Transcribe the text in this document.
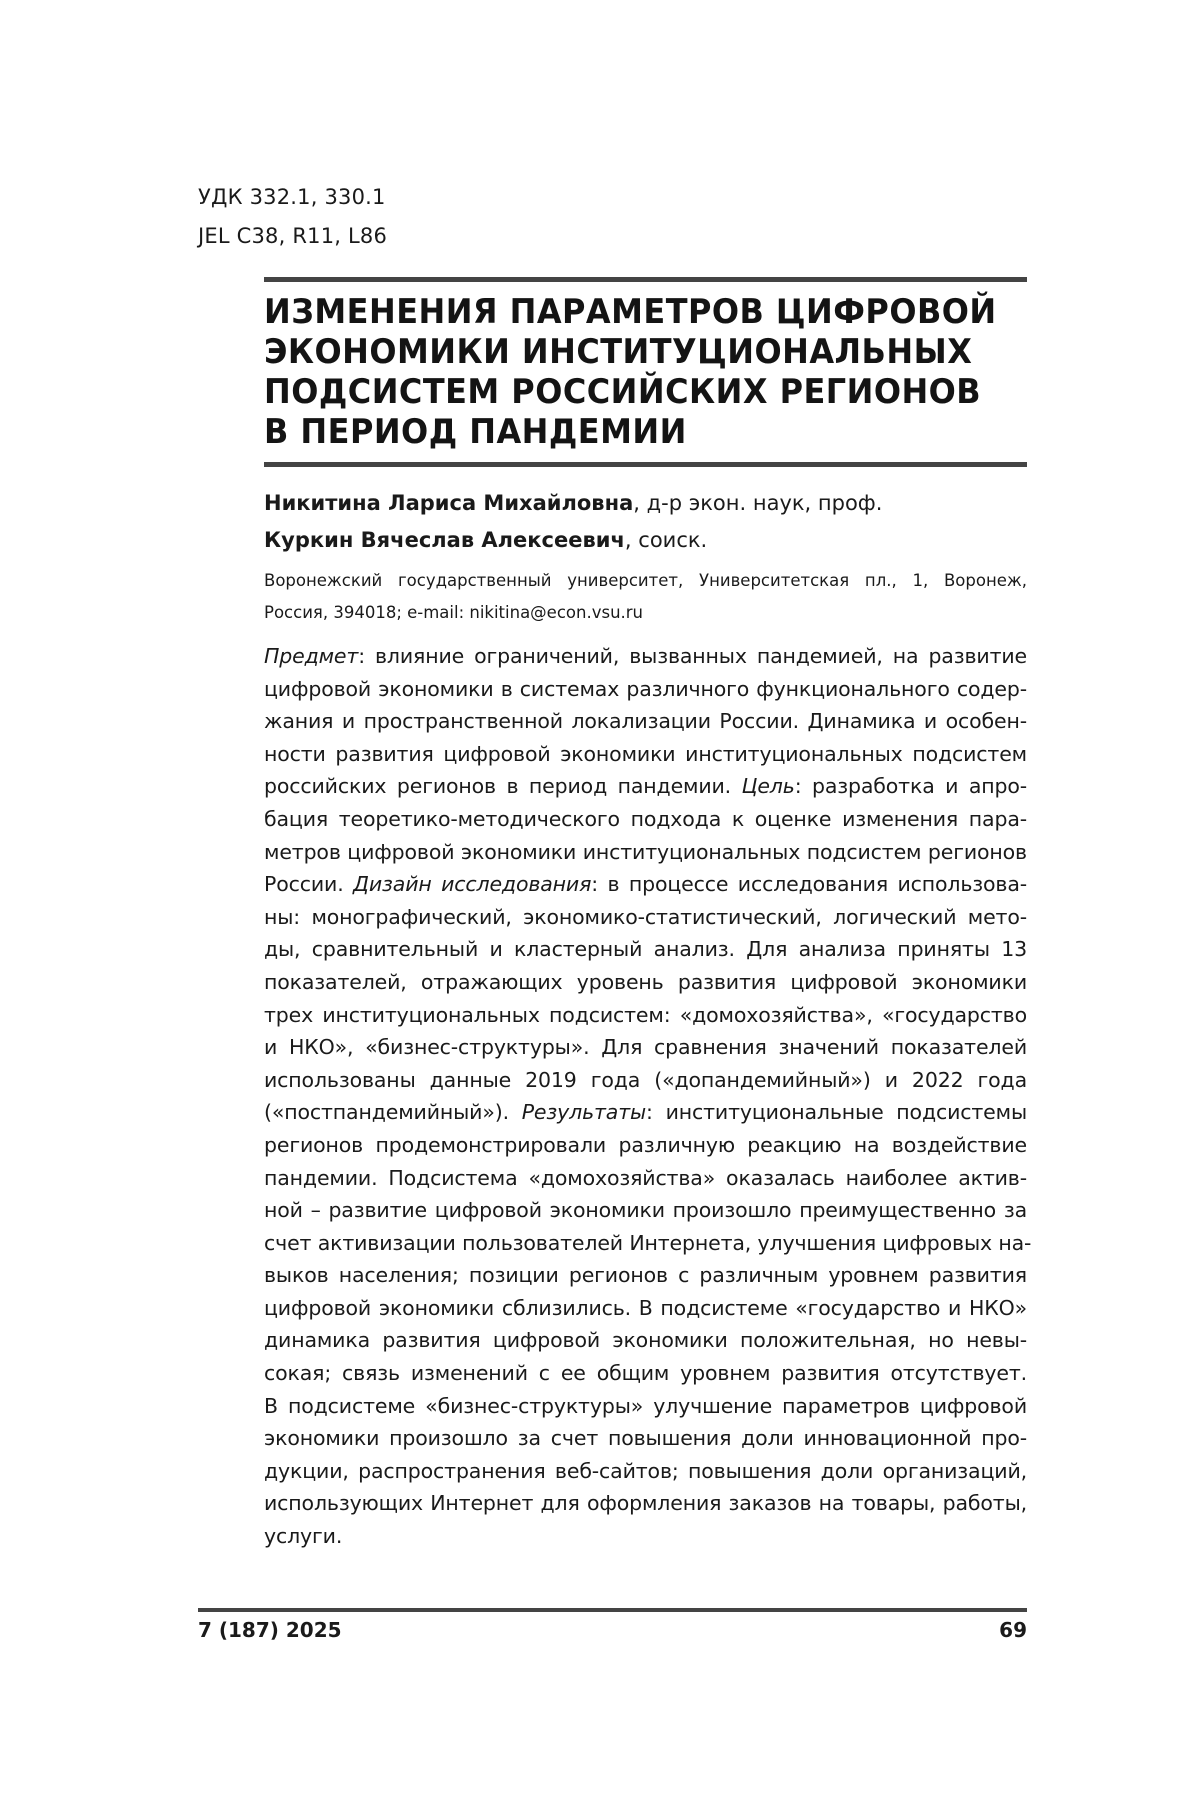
УДК 332.1, 330.1
JEL C38, R11, L86
ИЗМЕНЕНИЯ ПАРАМЕТРОВ ЦИФРОВОЙ
ЭКОНОМИКИ ИНСТИТУЦИОНАЛЬНЫХ
ПОДСИСТЕМ РОССИЙСКИХ РЕГИОНОВ
В ПЕРИОД ПАНДЕМИИ
Никитина Лариса Михайловна, д-р экон. наук, проф.
Куркин Вячеслав Алексеевич, соиск.
Воронежский государственный университет, Университетская пл., 1, Воронеж, Россия, 394018; e-mail: nikitina@econ.vsu.ru
Предмет: влияние ограничений, вызванных пандемией, на развитие
цифровой экономики в системах различного функционального содер-
жания и пространственной локализации России. Динамика и особен-
ности развития цифровой экономики институциональных подсистем
российских регионов в период пандемии. Цель: разработка и апро-
бация теоретико-методического подхода к оценке изменения пара-
метров цифровой экономики институциональных подсистем регионов
России. Дизайн исследования: в процессе исследования использова-
ны: монографический, экономико-статистический, логический мето-
ды, сравнительный и кластерный анализ. Для анализа приняты 13
показателей, отражающих уровень развития цифровой экономики
трех институциональных подсистем: «домохозяйства», «государство
и НКО», «бизнес-структуры». Для сравнения значений показателей
использованы данные 2019 года («допандемийный») и 2022 года
(«постпандемийный»). Результаты: институциональные подсистемы
регионов продемонстрировали различную реакцию на воздействие
пандемии. Подсистема «домохозяйства» оказалась наиболее актив-
ной – развитие цифровой экономики произошло преимущественно за
счет активизации пользователей Интернета, улучшения цифровых на-
выков населения; позиции регионов с различным уровнем развития
цифровой экономики сблизились. В подсистеме «государство и НКО»
динамика развития цифровой экономики положительная, но невы-
сокая; связь изменений с ее общим уровнем развития отсутствует.
В подсистеме «бизнес-структуры» улучшение параметров цифровой
экономики произошло за счет повышения доли инновационной про-
дукции, распространения веб-сайтов; повышения доли организаций,
использующих Интернет для оформления заказов на товары, работы,
услуги.
7 (187) 2025	69
